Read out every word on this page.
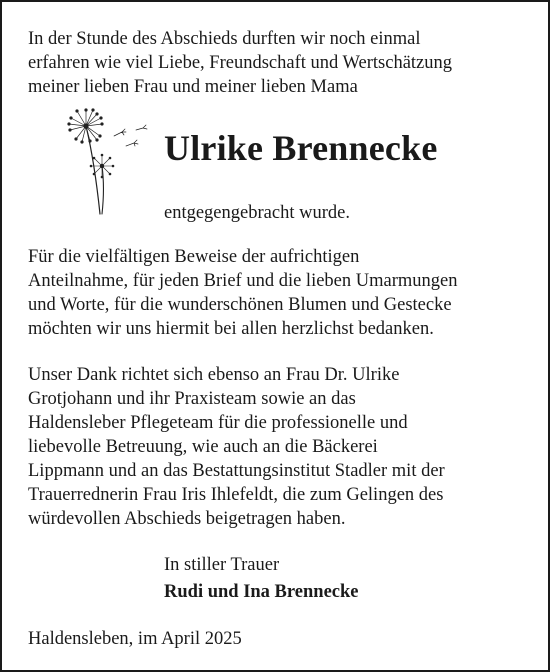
In der Stunde des Abschieds durften wir noch einmal
erfahren wie viel Liebe, Freundschaft und Wertschätzung
meiner lieben Frau und meiner lieben Mama

Ulrike Brennecke

entgegengebracht wurde.

Für die vielfältigen Beweise der aufrichtigen
Anteilnahme, für jeden Brief und die lieben Umarmungen
und Worte, für die wunderschönen Blumen und Gestecke
möchten wir uns hiermit bei allen herzlichst bedanken.

Unser Dank richtet sich ebenso an Frau Dr. Ulrike
Grotjohann und ihr Praxisteam sowie an das
Haldensleber Pflegeteam für die professionelle und
liebevolle Betreuung, wie auch an die Bäckerei
Lippmann und an das Bestattungsinstitut Stadler mit der
Trauerrednerin Frau Iris Ihlefeldt, die zum Gelingen des
würdevollen Abschieds beigetragen haben.

In stiller Trauer

Rudi und Ina Brennecke

Haldensleben, im April 2025
